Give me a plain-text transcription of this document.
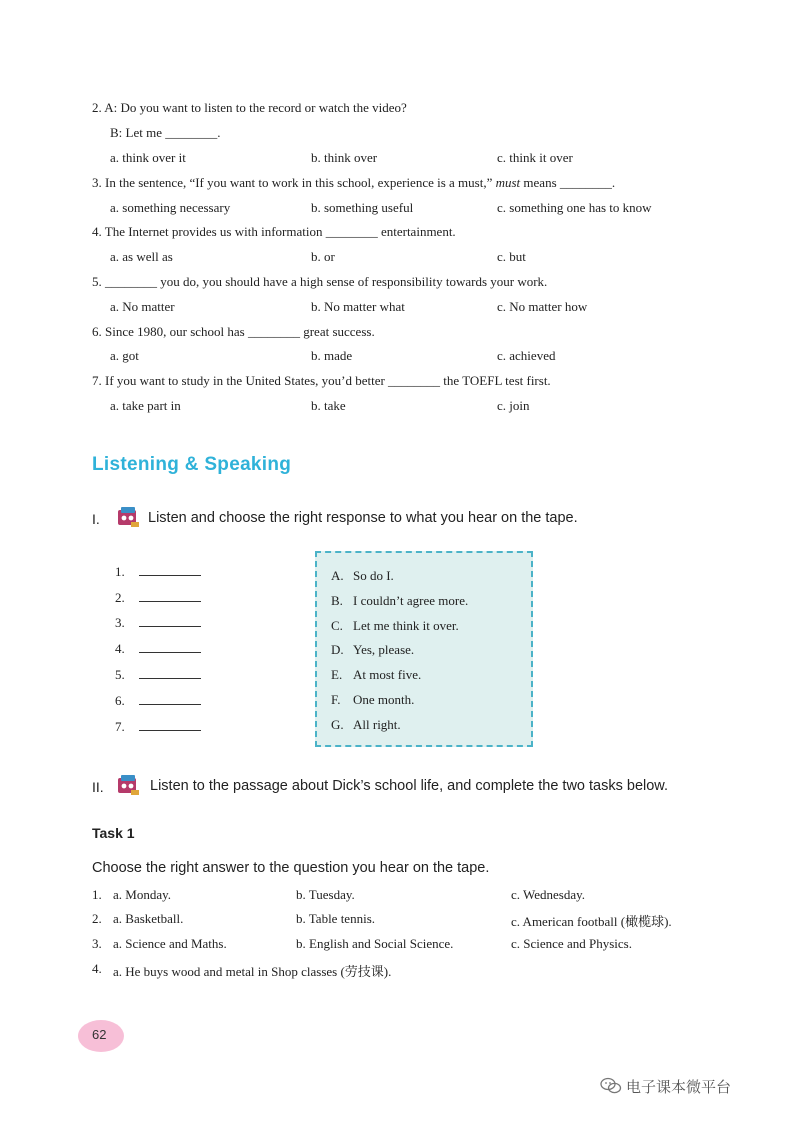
2. A: Do you want to listen to the record or watch the video?
B: Let me ________.
a. think over it	b. think over	c. think it over
3. In the sentence, “If you want to work in this school, experience is a must,” must means ________.
a. something necessary	b. something useful	c. something one has to know
4. The Internet provides us with information ________ entertainment.
a. as well as	b. or	c. but
5. ________ you do, you should have a high sense of responsibility towards your work.
a. No matter	b. No matter what	c. No matter how
6. Since 1980, our school has ________ great success.
a. got	b. made	c. achieved
7. If you want to study in the United States, you’d better ________ the TOEFL test first.
a. take part in	b. take	c. join
Listening & Speaking
I.	Listen and choose the right response to what you hear on the tape.
1.
2.
3.
4.
5.
6.
7.
A. So do I.
B. I couldn’t agree more.
C. Let me think it over.
D. Yes, please.
E. At most five.
F. One month.
G. All right.
II.	Listen to the passage about Dick’s school life, and complete the two tasks below.
Task 1
Choose the right answer to the question you hear on the tape.
1. a. Monday.	b. Tuesday.	c. Wednesday.
2. a. Basketball.	b. Table tennis.	c. American football (橄榄球).
3. a. Science and Maths.	b. English and Social Science.	c. Science and Physics.
4. a. He buys wood and metal in Shop classes (劳技课).
62
电子课本微平台
